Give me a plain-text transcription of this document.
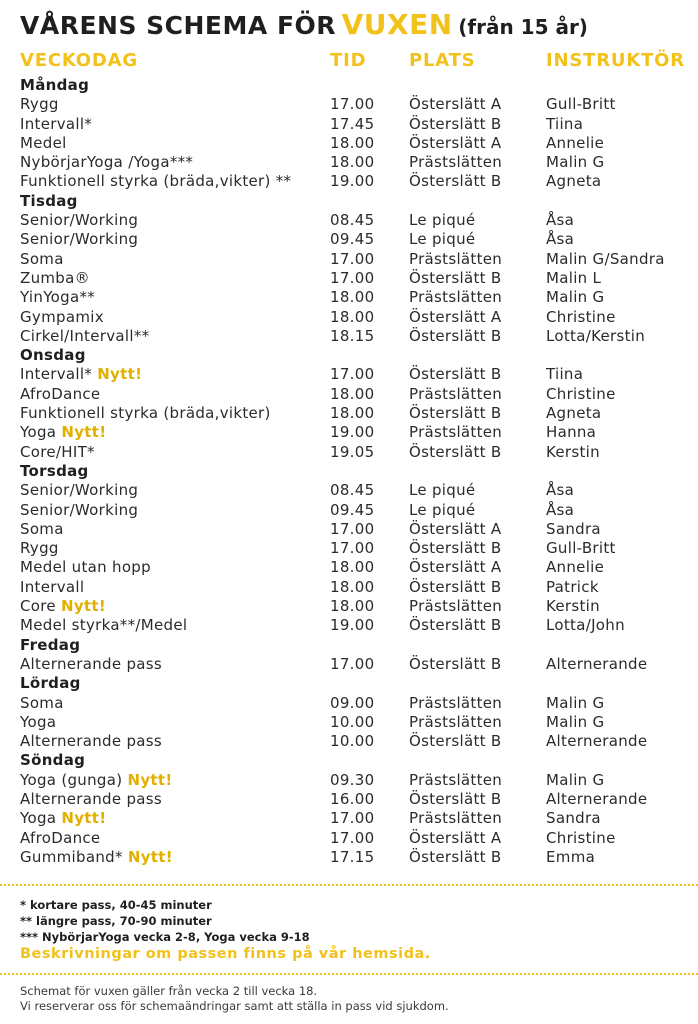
VÅRENS SCHEMA FÖR VUXEN (från 15 år)
VECKODAG	TID PLATS	INSTRUKTÖR
Måndag
Rygg	17.00 Österslätt A	Gull-Britt
Intervall*	17.45 Österslätt B	Tiina
Medel	18.00 Österslätt A	Annelie
NybörjarYoga /Yoga***	18.00 Prästslätten	Malin G
Funktionell styrka (bräda,vikter) **	19.00 Österslätt B	Agneta
Tisdag
Senior/Working	08.45 Le piqué	Åsa
Senior/Working	09.45 Le piqué	Åsa
Soma	17.00 Prästslätten	Malin G/Sandra
Zumba®	17.00 Österslätt B	Malin L
YinYoga**	18.00 Prästslätten	Malin G
Gympamix	18.00 Österslätt A	Christine
Cirkel/Intervall**	18.15 Österslätt B	Lotta/Kerstin
Onsdag
Intervall* Nytt!	17.00 Österslätt B	Tiina
AfroDance	18.00 Prästslätten	Christine
Funktionell styrka (bräda,vikter)	18.00 Österslätt B	Agneta
Yoga Nytt!	19.00 Prästslätten	Hanna
Core/HIT*	19.05 Österslätt B	Kerstin
Torsdag
Senior/Working	08.45 Le piqué	Åsa
Senior/Working	09.45 Le piqué	Åsa
Soma	17.00 Österslätt A	Sandra
Rygg	17.00 Österslätt B	Gull-Britt
Medel utan hopp	18.00 Österslätt A	Annelie
Intervall	18.00 Österslätt B	Patrick
Core Nytt!	18.00 Prästslätten	Kerstin
Medel styrka**/Medel	19.00 Österslätt B	Lotta/John
Fredag
Alternerande pass	17.00 Österslätt B	Alternerande
Lördag
Soma	09.00 Prästslätten	Malin G
Yoga	10.00 Prästslätten	Malin G
Alternerande pass	10.00 Österslätt B	Alternerande
Söndag
Yoga (gunga) Nytt!	09.30 Prästslätten	Malin G
Alternerande pass	16.00 Österslätt B	Alternerande
Yoga Nytt!	17.00 Prästslätten	Sandra
AfroDance	17.00 Österslätt A	Christine
Gummiband* Nytt!	17.15 Österslätt B	Emma
* kortare pass, 40-45 minuter
** längre pass, 70-90 minuter
*** NybörjarYoga vecka 2-8, Yoga vecka 9-18
Beskrivningar om passen finns på vår hemsida.
Schemat för vuxen gäller från vecka 2 till vecka 18.
Vi reserverar oss för schemaändringar samt att ställa in pass vid sjukdom.
